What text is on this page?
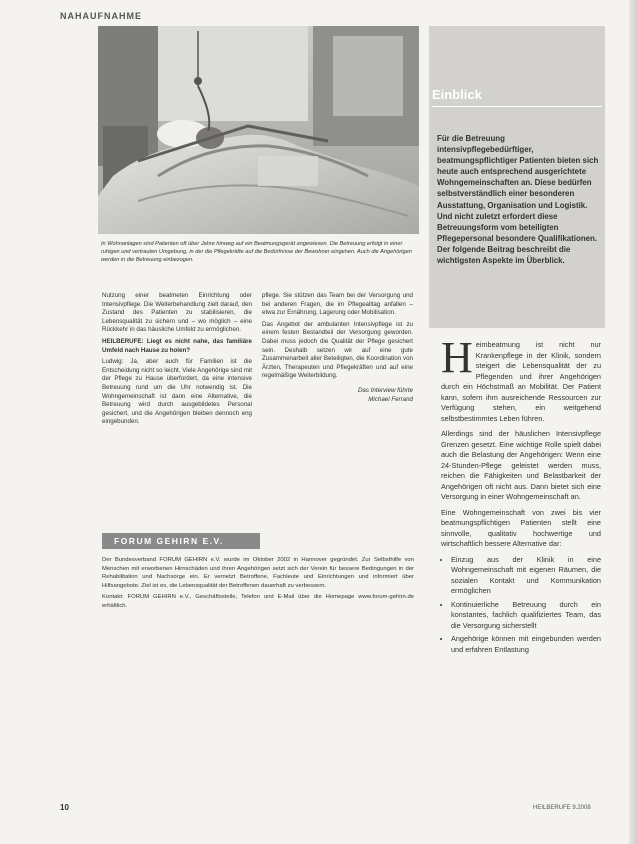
NAHAUFNAHME
In Wohnanlagen sind Patienten oft über Jahre hinweg auf ein Beatmungsgerät angewiesen. Die Betreuung erfolgt in einer ruhigen und vertrauten Umgebung, in der die Pflegekräfte auf die Bedürfnisse der Bewohner eingehen. Auch die Angehörigen werden in die Betreuung einbezogen.

Nutzung einer beatmeten Einrichtung oder Intensivpflege. Die Weiterbehandlung zielt darauf, den Zustand des Patienten zu stabilisieren, die Lebensqualität zu sichern und – wo möglich – eine Rückkehr in das häusliche Umfeld zu ermöglichen.

HEILBERUFE: Liegt es nicht nahe, das familiäre Umfeld nach Hause zu holen?

Ludwig: Ja, aber auch für Familien ist die Entscheidung nicht so leicht. Viele Angehörige sind mit der Pflege zu Hause überfordert, da eine intensive Betreuung rund um die Uhr notwendig ist. Die Wohngemeinschaft ist dann eine Alternative, die Betreuung wird durch ausgebildetes Personal gesichert, und die Angehörigen bleiben dennoch eng eingebunden.

pflege. Sie stützen das Team bei der Versorgung und bei anderen Fragen, die im Pflegealltag anfallen – etwa zur Ernährung, Lagerung oder Mobilisation.

Das Angebot der ambulanten Intensivpflege ist zu einem festen Bestandteil der Versorgung geworden. Dabei muss jedoch die Qualität der Pflege gesichert sein. Deshalb setzen wir auf eine gute Zusammenarbeit aller Beteiligten, die Koordination von Ärzten, Therapeuten und Pflegekräften und auf eine regelmäßige Weiterbildung.

Das Interview führte
Michael Ferrand
FORUM GEHIRN E.V.

Der Bundesverband FORUM GEHIRN e.V. wurde im Oktober 2002 in Hannover gegründet. Zur Selbsthilfe von Menschen mit erworbenen Hirnschäden und ihren Angehörigen setzt sich der Verein für bessere Bedingungen in der Rehabilitation und Nachsorge ein. Er vernetzt Betroffene, Fachleute und Einrichtungen und informiert über Hilfsangebote. Ziel ist es, die Lebensqualität der Betroffenen dauerhaft zu verbessern.

Kontakt: FORUM GEHIRN e.V., Geschäftsstelle, Telefon und E-Mail über die Homepage www.forum-gehirn.de erhältlich.

Einblick
Für die Betreuung intensivpflegebedürftiger, beatmungspflichtiger Patienten bieten sich heute auch entsprechend ausgerichtete Wohngemeinschaften an. Diese bedürfen selbstverständlich einer besonderen Ausstattung, Organisation und Logistik. Und nicht zuletzt erfordert diese Betreuungsform vom beteiligten Pflegepersonal besondere Qualifikationen. Der folgende Beitrag beschreibt die wichtigsten Aspekte im Überblick.

Heimbeatmung ist nicht nur Krankenpflege in der Klinik, sondern steigert die Lebensqualität der zu Pflegenden und ihrer Angehörigen durch ein Höchstmaß an Mobilität. Der Patient kann, sofern ihm ausreichende Ressourcen zur Verfügung stehen, ein weitgehend selbstbestimmtes Leben führen.

Allerdings sind der häuslichen Intensivpflege Grenzen gesetzt. Eine wichtige Rolle spielt dabei auch die Belastung der Angehörigen: Wenn eine 24-Stunden-Pflege geleistet werden muss, reichen die Fähigkeiten und Belastbarkeit der Angehörigen oft nicht aus. Dann bietet sich eine Versorgung in einer Wohngemeinschaft an.

Eine Wohngemeinschaft von zwei bis vier beatmungspflichtigen Patienten stellt eine sinnvolle, qualitativ hochwertige und wirtschaftlich bessere Alternative dar:

• Einzug aus der Klinik in eine Wohngemeinschaft mit eigenen Räumen, die sozialen Kontakt und Kommunikation ermöglichen
• Kontinuierliche Betreuung durch ein konstantes, fachlich qualifiziertes Team, das die Versorgung sicherstellt
• Angehörige können mit eingebunden werden und erfahren Entlastung
10	HEILBERUFE 9.2008
